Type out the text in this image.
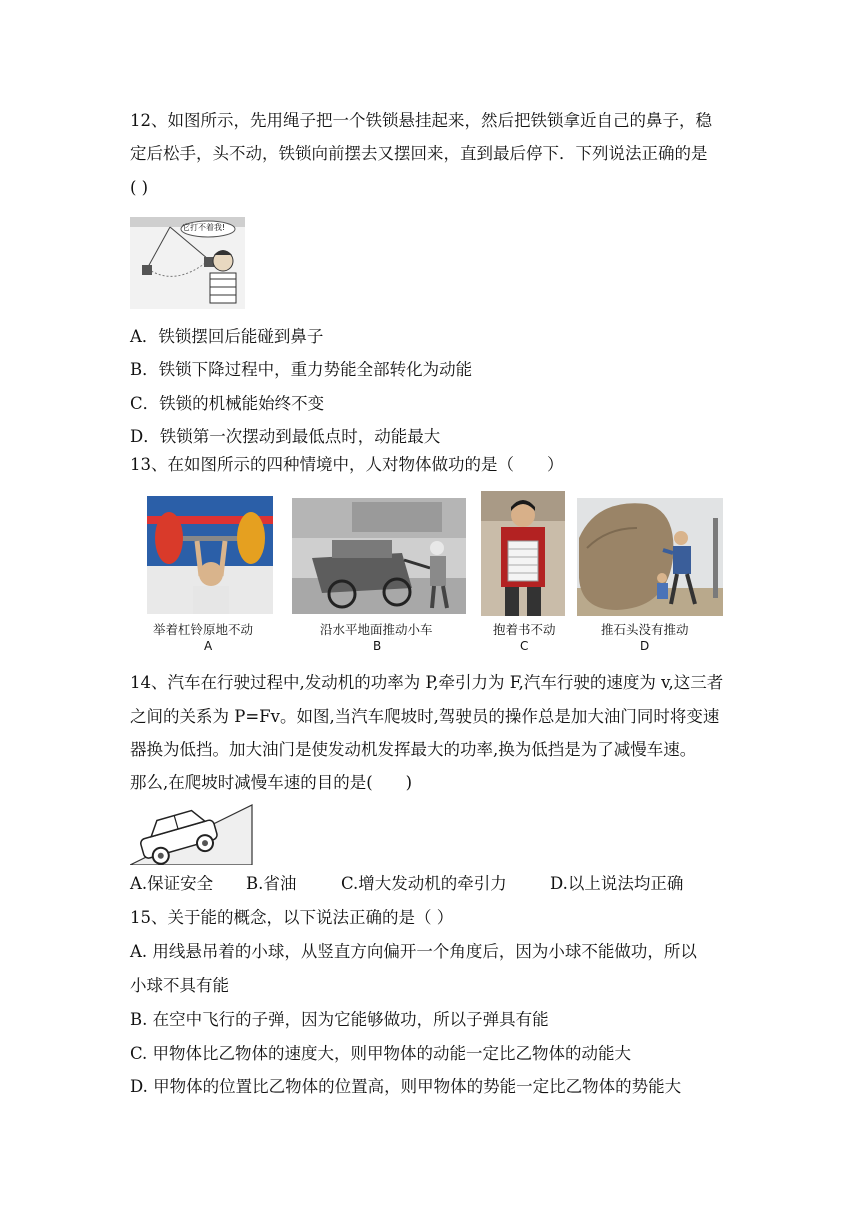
12、如图所示，先用绳子把一个铁锁悬挂起来，然后把铁锁拿近自己的鼻子，稳
定后松手，头不动，铁锁向前摆去又摆回来，直到最后停下．下列说法正确的是
( )
它打不着我!
A．铁锁摆回后能碰到鼻子
B．铁锁下降过程中，重力势能全部转化为动能
C．铁锁的机械能始终不变
D．铁锁第一次摆动到最低点时，动能最大
13、在如图所示的四种情境中，人对物体做功的是（　　）
举着杠铃原地不动
A
沿水平地面推动小车
B
抱着书不动
C
推石头没有推动
D
14、汽车在行驶过程中,发动机的功率为 P,牵引力为 F,汽车行驶的速度为 v,这三者
之间的关系为 P=Fv。如图,当汽车爬坡时,驾驶员的操作总是加大油门同时将变速
器换为低挡。加大油门是使发动机发挥最大的功率,换为低挡是为了减慢车速。
那么,在爬坡时减慢车速的目的是(　　)
A.保证安全 B.省油	C.增大发动机的牵引力	D.以上说法均正确
15、关于能的概念，以下说法正确的是（ ）
A. 用线悬吊着的小球，从竖直方向偏开一个角度后，因为小球不能做功，所以
小球不具有能
B. 在空中飞行的子弹，因为它能够做功，所以子弹具有能
C. 甲物体比乙物体的速度大，则甲物体的动能一定比乙物体的动能大
D. 甲物体的位置比乙物体的位置高，则甲物体的势能一定比乙物体的势能大
